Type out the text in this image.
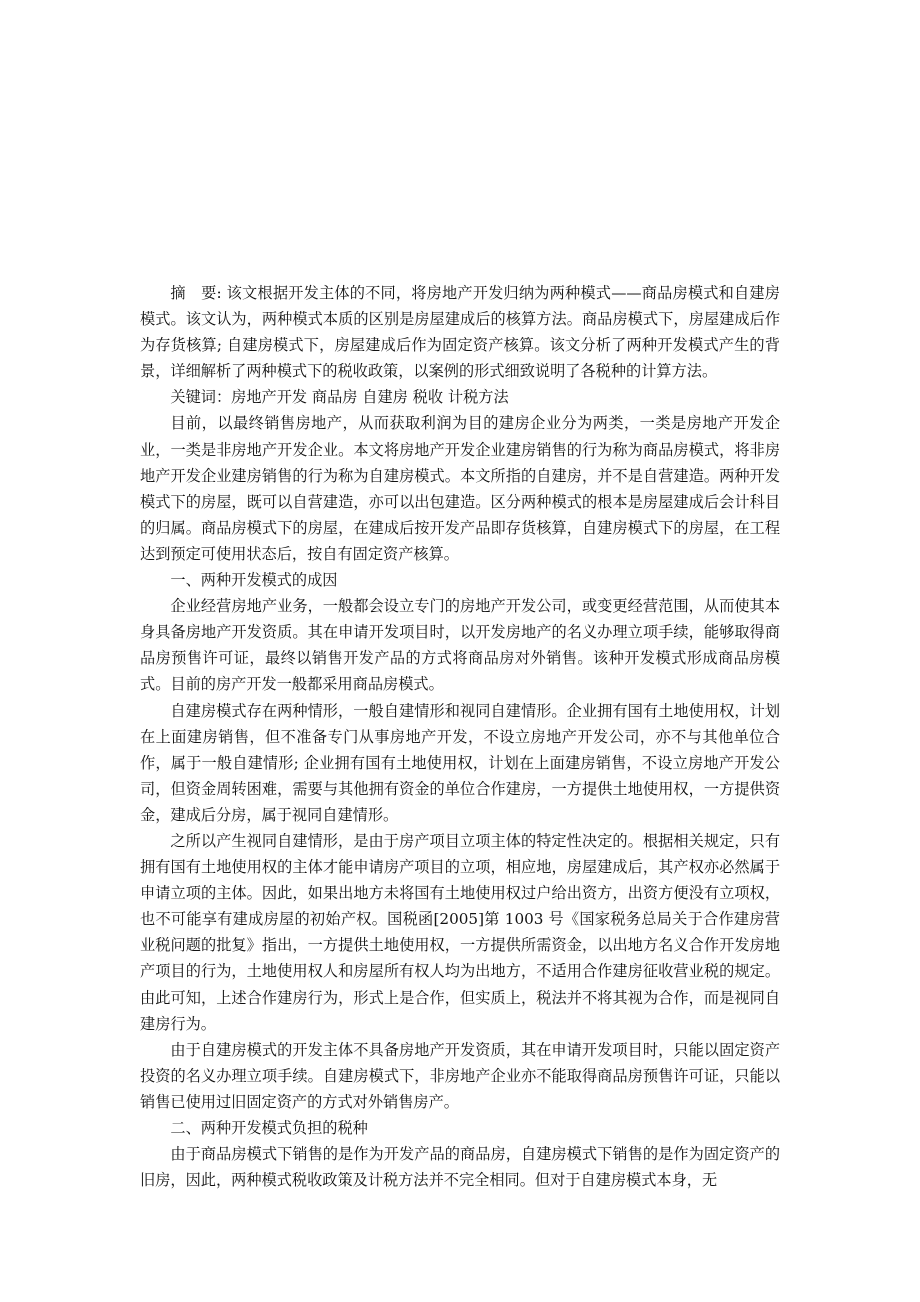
摘　要: 该文根据开发主体的不同，将房地产开发归纳为两种模式——商品房模式和自建房模式。该文认为，两种模式本质的区别是房屋建成后的核算方法。商品房模式下，房屋建成后作为存货核算; 自建房模式下，房屋建成后作为固定资产核算。该文分析了两种开发模式产生的背景，详细解析了两种模式下的税收政策，以案例的形式细致说明了各税种的计算方法。

关键词：房地产开发 商品房 自建房 税收 计税方法

目前，以最终销售房地产，从而获取利润为目的建房企业分为两类，一类是房地产开发企业，一类是非房地产开发企业。本文将房地产开发企业建房销售的行为称为商品房模式，将非房地产开发企业建房销售的行为称为自建房模式。本文所指的自建房，并不是自营建造。两种开发模式下的房屋，既可以自营建造，亦可以出包建造。区分两种模式的根本是房屋建成后会计科目的归属。商品房模式下的房屋，在建成后按开发产品即存货核算，自建房模式下的房屋，在工程达到预定可使用状态后，按自有固定资产核算。

一、两种开发模式的成因

企业经营房地产业务，一般都会设立专门的房地产开发公司，或变更经营范围，从而使其本身具备房地产开发资质。其在申请开发项目时，以开发房地产的名义办理立项手续，能够取得商品房预售许可证，最终以销售开发产品的方式将商品房对外销售。该种开发模式形成商品房模式。目前的房产开发一般都采用商品房模式。

自建房模式存在两种情形，一般自建情形和视同自建情形。企业拥有国有土地使用权，计划在上面建房销售，但不准备专门从事房地产开发，不设立房地产开发公司，亦不与其他单位合作，属于一般自建情形; 企业拥有国有土地使用权，计划在上面建房销售，不设立房地产开发公司，但资金周转困难，需要与其他拥有资金的单位合作建房，一方提供土地使用权，一方提供资金，建成后分房，属于视同自建情形。

之所以产生视同自建情形，是由于房产项目立项主体的特定性决定的。根据相关规定，只有拥有国有土地使用权的主体才能申请房产项目的立项，相应地，房屋建成后，其产权亦必然属于申请立项的主体。因此，如果出地方未将国有土地使用权过户给出资方，出资方便没有立项权，也不可能享有建成房屋的初始产权。国税函[2005]第 1003 号《国家税务总局关于合作建房营业税问题的批复》指出，一方提供土地使用权，一方提供所需资金，以出地方名义合作开发房地产项目的行为，土地使用权人和房屋所有权人均为出地方，不适用合作建房征收营业税的规定。由此可知，上述合作建房行为，形式上是合作，但实质上，税法并不将其视为合作，而是视同自建房行为。

由于自建房模式的开发主体不具备房地产开发资质，其在申请开发项目时，只能以固定资产投资的名义办理立项手续。自建房模式下，非房地产企业亦不能取得商品房预售许可证，只能以销售已使用过旧固定资产的方式对外销售房产。

二、两种开发模式负担的税种

由于商品房模式下销售的是作为开发产品的商品房，自建房模式下销售的是作为固定资产的旧房，因此，两种模式税收政策及计税方法并不完全相同。但对于自建房模式本身，无
